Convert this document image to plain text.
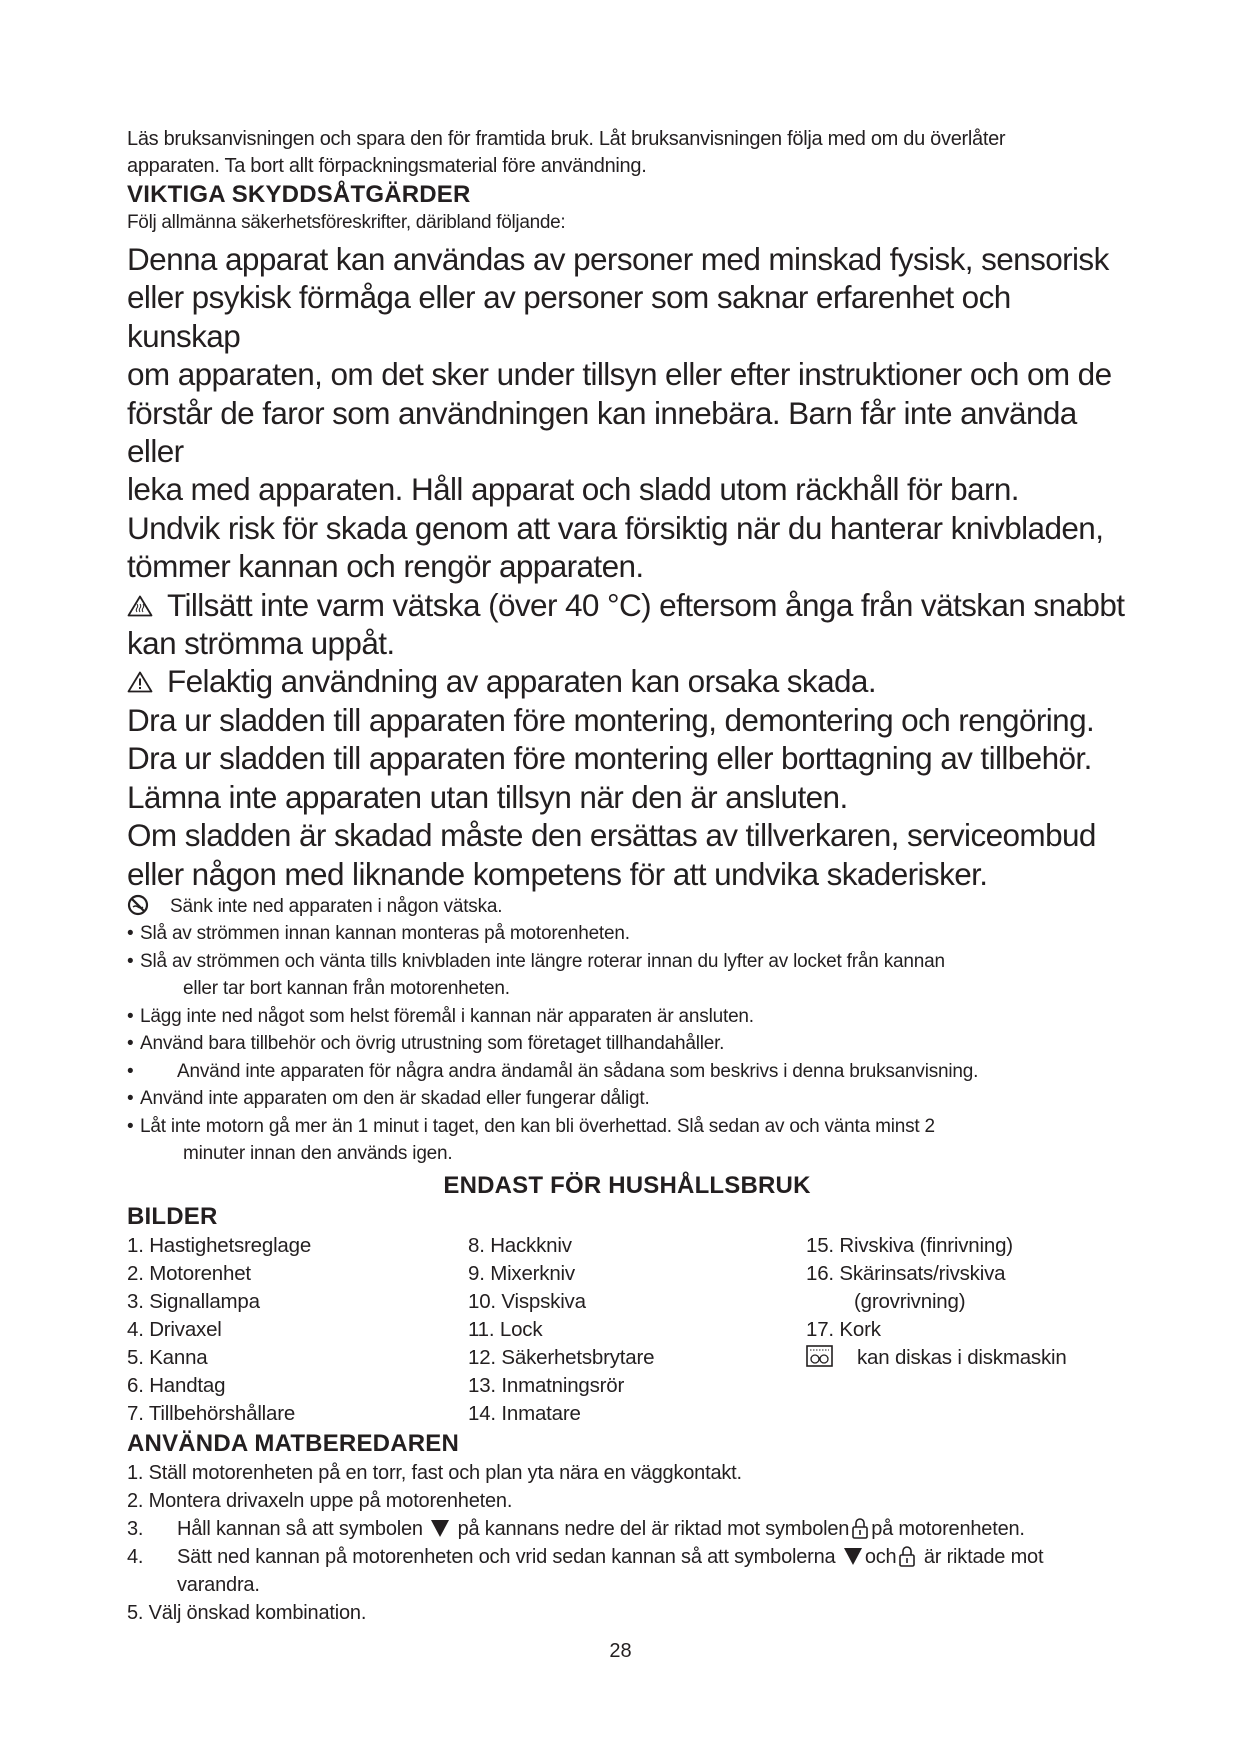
Läs bruksanvisningen och spara den för framtida bruk. Låt bruksanvisningen följa med om du överlåter
apparaten. Ta bort allt förpackningsmaterial före användning.
VIKTIGA SKYDDSÅTGÄRDER
Följ allmänna säkerhetsföreskrifter, däribland följande:

Denna apparat kan användas av personer med minskad fysisk, sensorisk

eller psykisk förmåga eller av personer som saknar erfarenhet och kunskap

om apparaten, om det sker under tillsyn eller efter instruktioner och om de

förstår de faror som användningen kan innebära. Barn får inte använda eller

leka med apparaten. Håll apparat och sladd utom räckhåll för barn.

Undvik risk för skada genom att vara försiktig när du hanterar knivbladen,

tömmer kannan och rengör apparaten.

Tillsätt inte varm vätska (över 40 °C) eftersom ånga från vätskan snabbt

kan strömma uppåt.

Felaktig användning av apparaten kan orsaka skada.

Dra ur sladden till apparaten före montering, demontering och rengöring.

Dra ur sladden till apparaten före montering eller borttagning av tillbehör.

Lämna inte apparaten utan tillsyn när den är ansluten.

Om sladden är skadad måste den ersättas av tillverkaren, serviceombud

eller någon med liknande kompetens för att undvika skaderisker.

Sänk inte ned apparaten i någon vätska.
• Slå av strömmen innan kannan monteras på motorenheten.
• Slå av strömmen och vänta tills knivbladen inte längre roterar innan du lyfter av locket från kannan
eller tar bort kannan från motorenheten.
• Lägg inte ned något som helst föremål i kannan när apparaten är ansluten.
• Använd bara tillbehör och övrig utrustning som företaget tillhandahåller.
• Använd inte apparaten för några andra ändamål än sådana som beskrivs i denna bruksanvisning.
• Använd inte apparaten om den är skadad eller fungerar dåligt.
• Låt inte motorn gå mer än 1 minut i taget, den kan bli överhettad. Slå sedan av och vänta minst 2
minuter innan den används igen.
ENDAST FÖR HUSHÅLLSBRUK
BILDER
1. Hastighetsreglage
2. Motorenhet
3. Signallampa
4. Drivaxel
5. Kanna
6. Handtag
7. Tillbehörshållare
8. Hackkniv
9. Mixerkniv
10. Vispskiva
11. Lock
12. Säkerhetsbrytare
13. Inmatningsrör
14. Inmatare
15. Rivskiva (finrivning)
16. Skärinsats/rivskiva
(grovrivning)
17. Kork
kan diskas i diskmaskin
ANVÄNDA MATBEREDAREN
1. Ställ motorenheten på en torr, fast och plan yta nära en väggkontakt.
2. Montera drivaxeln uppe på motorenheten.
3. Håll kannan så att symbolen på kannans nedre del är riktad mot symbolen på motorenheten.
4. Sätt ned kannan på motorenheten och vrid sedan kannan så att symbolerna och är riktade mot
varandra.
5. Välj önskad kombination.
28
